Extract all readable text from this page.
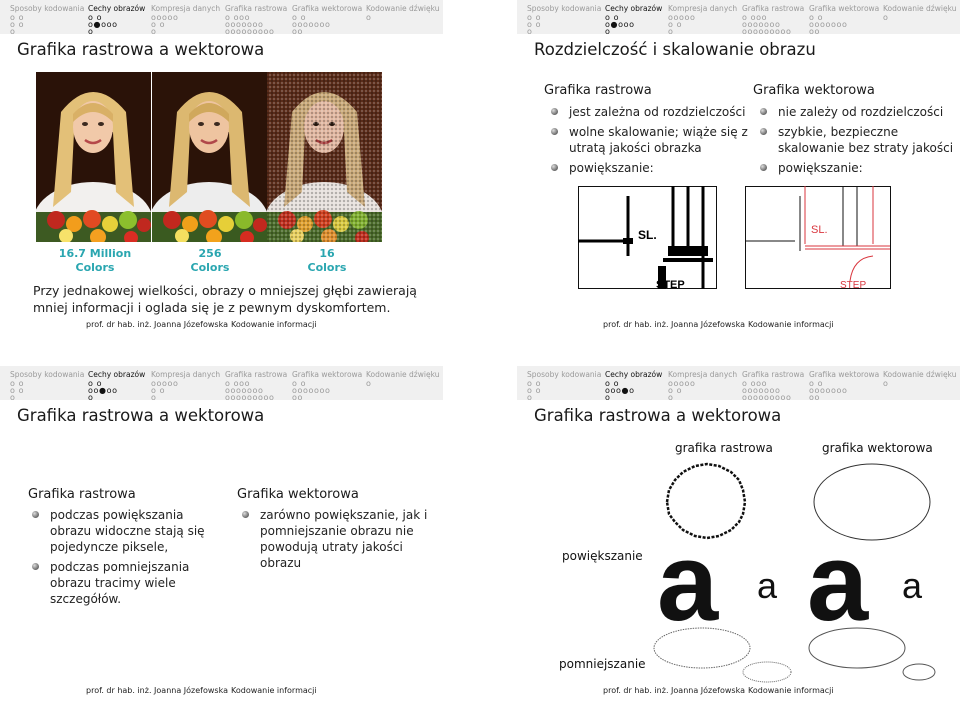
Sposoby kodowania Cechy obrazów Kompresja danych Grafika rastrowa Grafika wektorowa Kodowanie dźwięku
o o	o o	ooooo	o ooo	o o	o
o o	o●ooo	o o	ooooooo	ooooooo
o	o	o	ooooooooo oo
Grafika rastrowa a wektorowa
16.7 Million
Colors
256
Colors
16
Colors
Przy jednakowej wielkości, obrazy o mniejszej głębi zawierają mniej informacji i oglada się je z pewnym dyskomfortem.
prof. dr hab. inż. Joanna Józefowska Kodowanie informacji
Sposoby kodowania Cechy obrazów Kompresja danych Grafika rastrowa Grafika wektorowa Kodowanie dźwięku
o o	o o	ooooo	o ooo	o o	o
o o	o●ooo	o o	ooooooo	ooooooo
o	o	o	ooooooooo oo
Rozdzielczość i skalowanie obrazu
Grafika rastrowa
jest zależna od rozdzielczości
wolne skalowanie; wiąże się z utratą jakości obrazka
powiększanie:
Grafika wektorowa
nie zależy od rozdzielczości
szybkie, bezpieczne skalowanie bez straty jakości
powiększanie:
SL.
STEP
SL.
STEP
prof. dr hab. inż. Joanna Józefowska Kodowanie informacji
Sposoby kodowania Cechy obrazów Kompresja danych Grafika rastrowa Grafika wektorowa Kodowanie dźwięku
o o	o o	ooooo	o ooo	o o	o
o o	oo●oo	o o	ooooooo	ooooooo
o	o	o	ooooooooo oo
Grafika rastrowa a wektorowa
Grafika rastrowa
podczas powiększania obrazu widoczne stają się pojedyncze piksele,
podczas pomniejszania obrazu tracimy wiele szczegółów.
Grafika wektorowa
zarówno powiększanie, jak i pomniejszanie obrazu nie powodują utraty jakości obrazu
prof. dr hab. inż. Joanna Józefowska Kodowanie informacji
Sposoby kodowania Cechy obrazów Kompresja danych Grafika rastrowa Grafika wektorowa Kodowanie dźwięku
o o	o o	ooooo	o ooo	o o	o
o o	ooo●o	o o	ooooooo	ooooooo
o	o	o	ooooooooo oo
Grafika rastrowa a wektorowa
grafika rastrowa	grafika wektorowa
powiększanie
pomniejszanie
a a a a
prof. dr hab. inż. Joanna Józefowska Kodowanie informacji
